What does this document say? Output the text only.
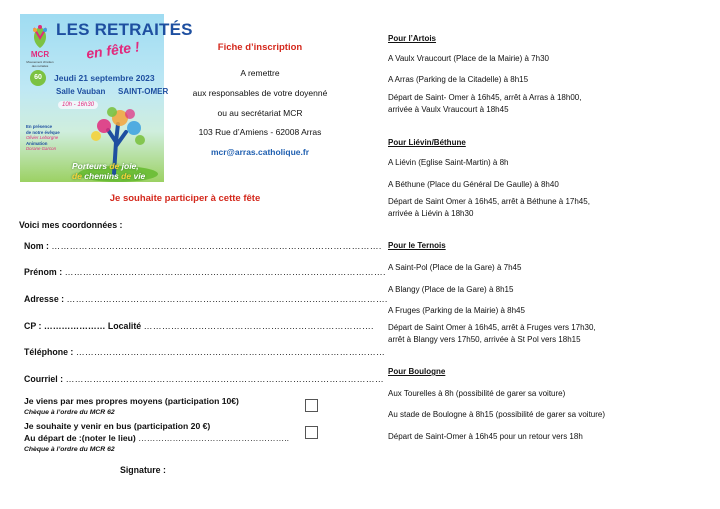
MCR
Mouvement chrétien des retraités
60
LES RETRAITÉS
en fête !
Jeudi 21 septembre 2023
Salle Vauban SAINT-OMER
10h - 16h30
En présence
de notre évêque
Olivier Leborgne
Animation
Dorane Garcon
Porteurs de joie,
de chemins de vie
Fiche d’inscription
A remettre
aux responsables de votre doyenné
ou au secrétariat MCR
103 Rue d’Amiens - 62008 Arras
mcr@arras.catholique.fr
Je souhaite participer à cette fête
Voici mes coordonnées :
Nom : ……………………………………………………………………………………………….
Prénom : …………………………………………………………………………………………….
Adresse : …………………………………………………………………………………………….
CP : ………………… Localité ………………………………………………………………….
Téléphone : …………………………………………………………………………………………
Courriel : ……………………………………………………………………………………………
Je viens par mes propres moyens (participation 10€)
Chèque à l’ordre du MCR 62
Je souhaite y venir en bus (participation 20 €)
Au départ de :(noter le lieu) ……………………………………………..
Chèque à l’ordre du MCR 62
Signature :
Pour l’Artois
A Vaulx Vraucourt (Place de la Mairie) à 7h30
A Arras (Parking de la Citadelle) à 8h15
Départ de Saint- Omer à 16h45, arrêt à Arras à 18h00,
arrivée à Vaulx Vraucourt à 18h45
Pour Liévin/Béthune
A Liévin (Eglise Saint-Martin) à 8h
A Béthune (Place du Général De Gaulle) à 8h40
Départ de Saint Omer à 16h45, arrêt à Béthune à 17h45,
arrivée à Liévin à 18h30
Pour le Ternois
A Saint-Pol (Place de la Gare) à 7h45
A Blangy (Place de la Gare) à 8h15
A Fruges (Parking de la Mairie) à 8h45
Départ de Saint Omer à 16h45, arrêt à Fruges vers 17h30,
arrêt à Blangy vers 17h50, arrivée à St Pol vers 18h15
Pour Boulogne
Aux Tourelles à 8h (possibilité de garer sa voiture)
Au stade de Boulogne à 8h15 (possibilité de garer sa voiture)
Départ de Saint-Omer à 16h45 pour un retour vers 18h
